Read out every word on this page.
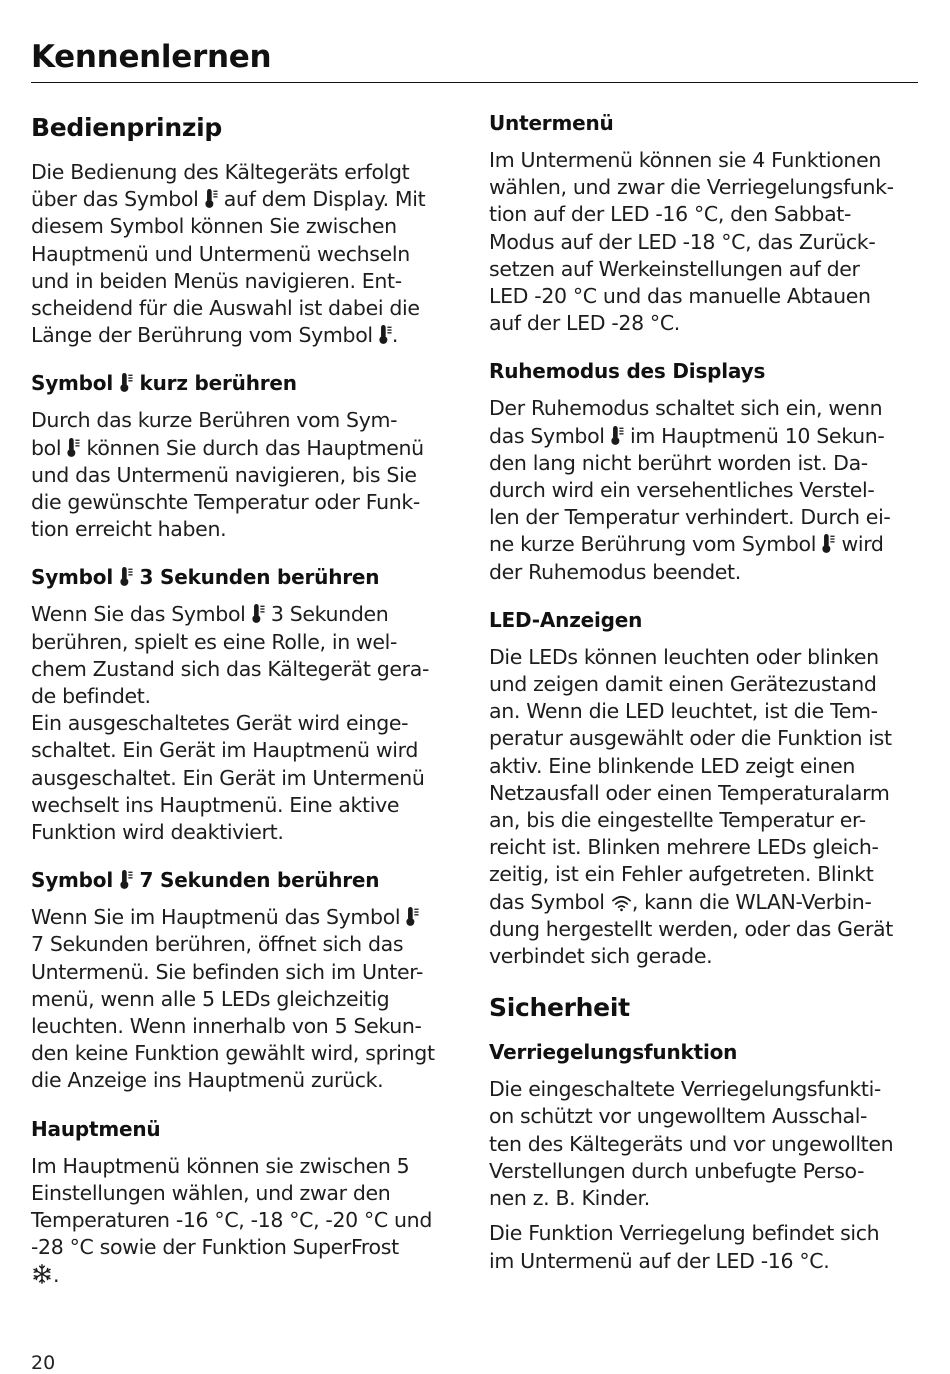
Kennenlernen
Bedienprinzip

Die Bedienung des Kältegeräts erfolgt

über das Symbol auf dem Display. Mit

diesem Symbol können Sie zwischen

Hauptmenü und Untermenü wechseln

und in beiden Menüs navigieren. Ent-

scheidend für die Auswahl ist dabei die

Länge der Berührung vom Symbol .

Symbol kurz berühren

Durch das kurze Berühren vom Sym-

bol können Sie durch das Hauptmenü

und das Untermenü navigieren, bis Sie

die gewünschte Temperatur oder Funk-

tion erreicht haben.

Symbol 3 Sekunden berühren

Wenn Sie das Symbol 3 Sekunden

berühren, spielt es eine Rolle, in wel-

chem Zustand sich das Kältegerät gera-

de befindet.

Ein ausgeschaltetes Gerät wird einge-

schaltet. Ein Gerät im Hauptmenü wird

ausgeschaltet. Ein Gerät im Untermenü

wechselt ins Hauptmenü. Eine aktive

Funktion wird deaktiviert.

Symbol 7 Sekunden berühren

Wenn Sie im Hauptmenü das Symbol

7 Sekunden berühren, öffnet sich das

Untermenü. Sie befinden sich im Unter-

menü, wenn alle 5 LEDs gleichzeitig

leuchten. Wenn innerhalb von 5 Sekun-

den keine Funktion gewählt wird, springt

die Anzeige ins Hauptmenü zurück.

Hauptmenü

Im Hauptmenü können sie zwischen 5

Einstellungen wählen, und zwar den

Temperaturen -16 °C, -18 °C, -20 °C und

-28 °C sowie der Funktion SuperFrost

.

Untermenü

Im Untermenü können sie 4 Funktionen

wählen, und zwar die Verriegelungsfunk-

tion auf der LED -16 °C, den Sabbat-

Modus auf der LED -18 °C, das Zurück-

setzen auf Werkeinstellungen auf der

LED -20 °C und das manuelle Abtauen

auf der LED -28 °C.

Ruhemodus des Displays

Der Ruhemodus schaltet sich ein, wenn

das Symbol im Hauptmenü 10 Sekun-

den lang nicht berührt worden ist. Da-

durch wird ein versehentliches Verstel-

len der Temperatur verhindert. Durch ei-

ne kurze Berührung vom Symbol wird

der Ruhemodus beendet.

LED-Anzeigen

Die LEDs können leuchten oder blinken

und zeigen damit einen Gerätezustand

an. Wenn die LED leuchtet, ist die Tem-

peratur ausgewählt oder die Funktion ist

aktiv. Eine blinkende LED zeigt einen

Netzausfall oder einen Temperaturalarm

an, bis die eingestellte Temperatur er-

reicht ist. Blinken mehrere LEDs gleich-

zeitig, ist ein Fehler aufgetreten. Blinkt

das Symbol , kann die WLAN-Verbin-

dung hergestellt werden, oder das Gerät

verbindet sich gerade.

Sicherheit
Verriegelungsfunktion

Die eingeschaltete Verriegelungsfunkti-

on schützt vor ungewolltem Ausschal-

ten des Kältegeräts und vor ungewollten

Verstellungen durch unbefugte Perso-

nen z. B. Kinder.

Die Funktion Verriegelung befindet sich

im Untermenü auf der LED -16 °C.

20
